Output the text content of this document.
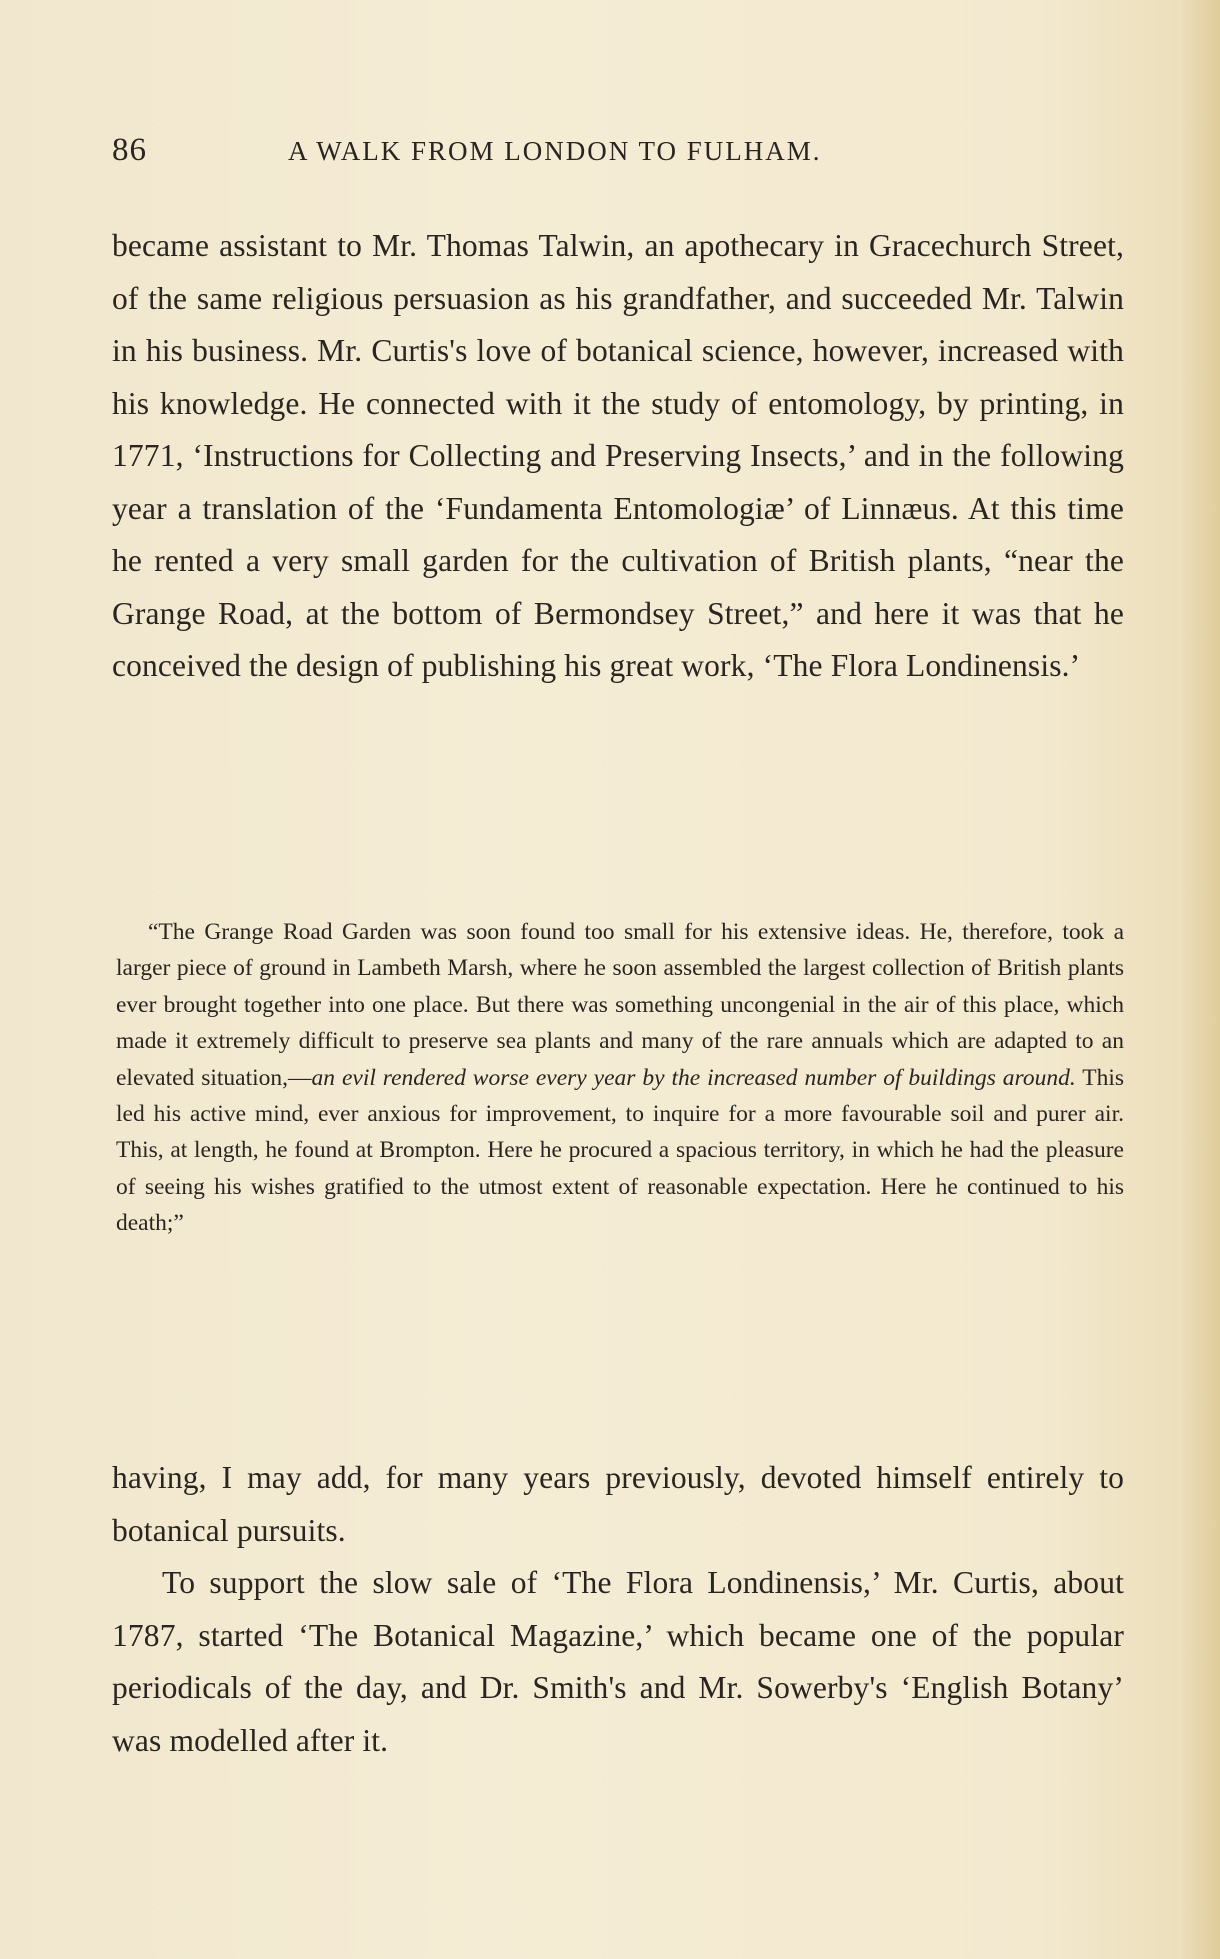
86	A WALK FROM LONDON TO FULHAM.

became assistant to Mr. Thomas Talwin, an apothecary in Gracechurch Street, of the same religious persuasion as his grandfather, and succeeded Mr. Talwin in his business. Mr. Curtis's love of botanical science, however, increased with his knowledge. He connected with it the study of entomology, by printing, in 1771, ‘Instructions for Collecting and Preserving Insects,’ and in the following year a translation of the ‘Fundamenta Entomologiæ’ of Linnæus. At this time he rented a very small garden for the cultivation of British plants, “near the Grange Road, at the bottom of Bermondsey Street,” and here it was that he conceived the design of publishing his great work, ‘The Flora Londinensis.’

“The Grange Road Garden was soon found too small for his extensive ideas. He, therefore, took a larger piece of ground in Lambeth Marsh, where he soon assembled the largest collection of British plants ever brought together into one place. But there was something uncongenial in the air of this place, which made it extremely difficult to preserve sea plants and many of the rare annuals which are adapted to an elevated situation,—an evil rendered worse every year by the increased number of buildings around. This led his active mind, ever anxious for improvement, to inquire for a more favourable soil and purer air. This, at length, he found at Brompton. Here he procured a spacious territory, in which he had the pleasure of seeing his wishes gratified to the utmost extent of reasonable expectation. Here he continued to his death;”

having, I may add, for many years previously, devoted himself entirely to botanical pursuits.

To support the slow sale of ‘The Flora Londinensis,’ Mr. Curtis, about 1787, started ‘The Botanical Magazine,’ which became one of the popular periodicals of the day, and Dr. Smith's and Mr. Sowerby's ‘English Botany’ was modelled after it.
